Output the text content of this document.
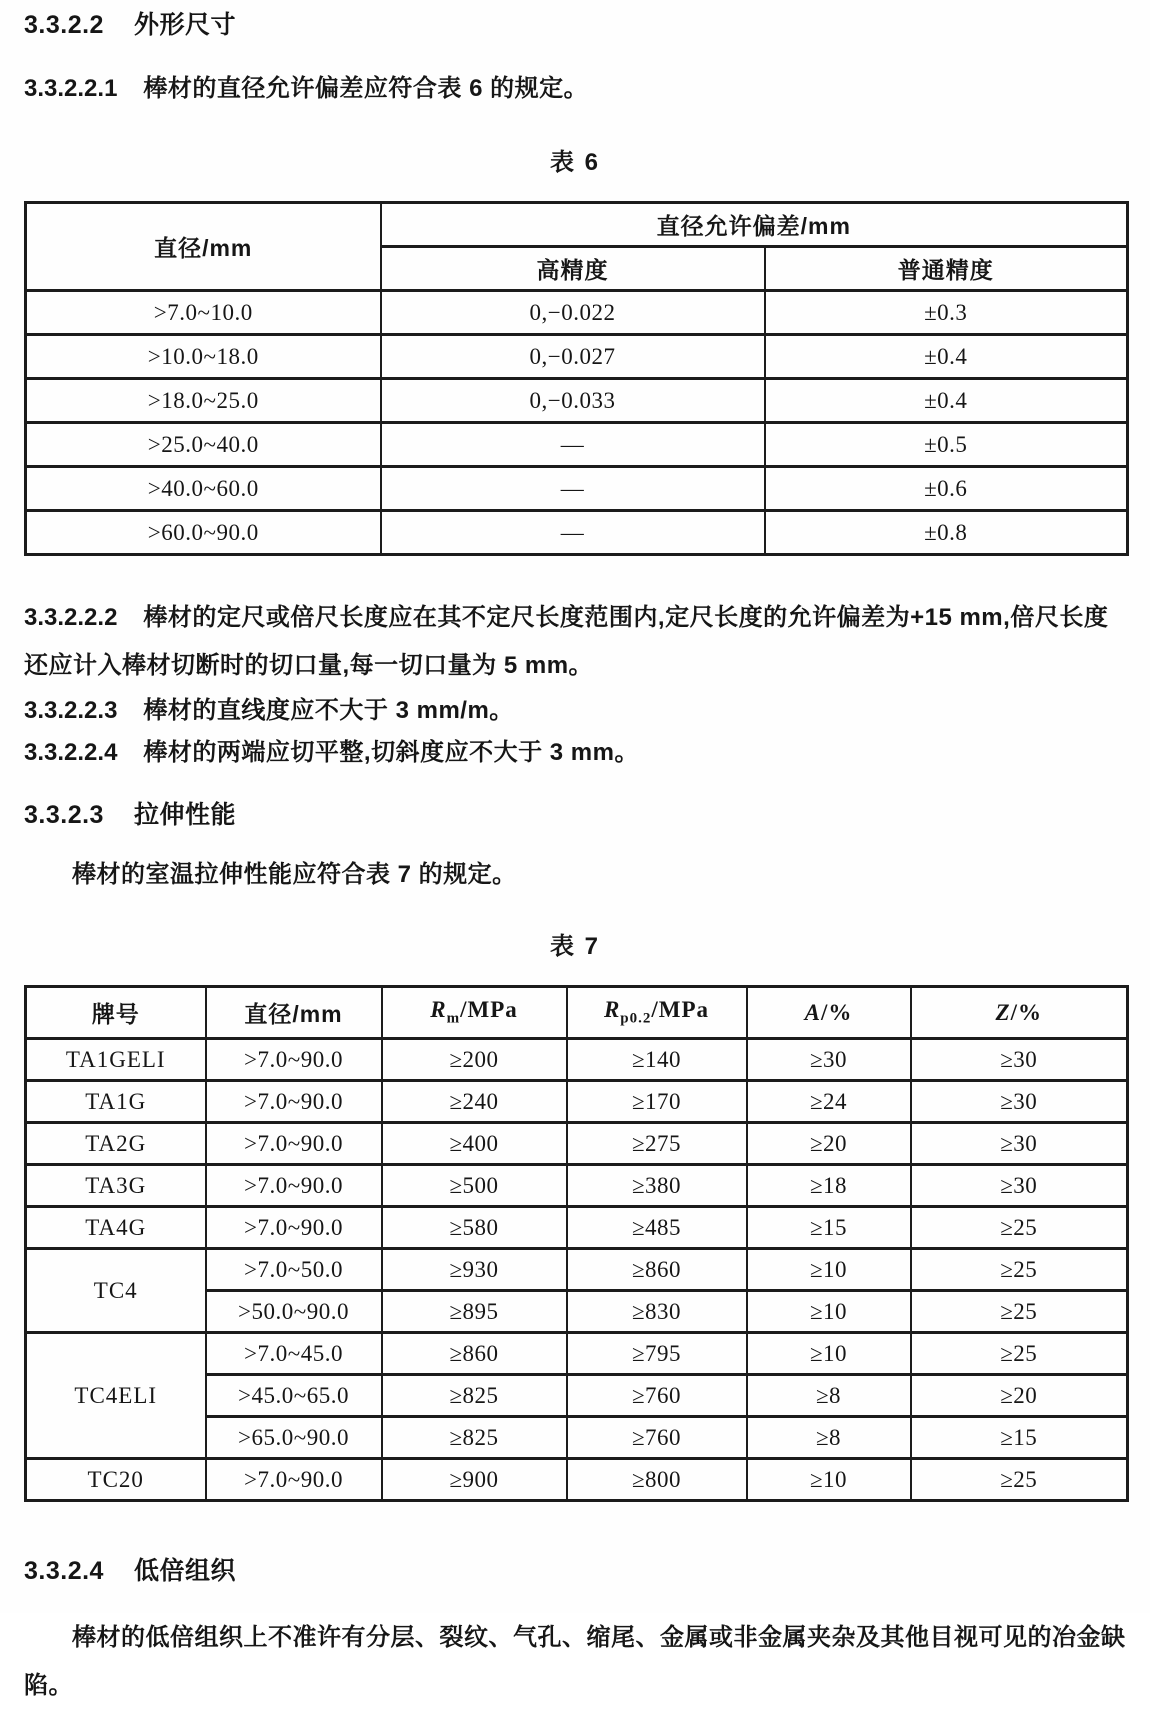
3.3.2.2 外形尺寸

3.3.2.2.1 棒材的直径允许偏差应符合表 6 的规定。

表 6
直径/mm	直径允许偏差/mm	
	高精度	普通精度
>7.0~10.0	0,−0.022	±0.3
>10.0~18.0	0,−0.027	±0.4
>18.0~25.0	0,−0.033	±0.4
>25.0~40.0	—	±0.5
>40.0~60.0	—	±0.6
>60.0~90.0	—	±0.8

3.3.2.2.2 棒材的定尺或倍尺长度应在其不定尺长度范围内,定尺长度的允许偏差为+15 mm,倍尺长度还应计入棒材切断时的切口量,每一切口量为 5 mm。

3.3.2.2.3 棒材的直线度应不大于 3 mm/m。

3.3.2.2.4 棒材的两端应切平整,切斜度应不大于 3 mm。

3.3.2.3 拉伸性能

棒材的室温拉伸性能应符合表 7 的规定。

表 7
牌号	直径/mm	$R_m$/MPa	$R_{p0.2}$/MPa	A/%	Z/%
TA1GELI	>7.0~90.0	≥200	≥140	≥30	≥30
TA1G	>7.0~90.0	≥240	≥170	≥24	≥30
TA2G	>7.0~90.0	≥400	≥275	≥20	≥30
TA3G	>7.0~90.0	≥500	≥380	≥18	≥30
TA4G	>7.0~90.0	≥580	≥485	≥15	≥25
TC4	>7.0~50.0	≥930	≥860	≥10	≥25
	>50.0~90.0	≥895	≥830	≥10	≥25
TC4ELI	>7.0~45.0	≥860	≥795	≥10	≥25
	>45.0~65.0	≥825	≥760	≥8	≥20
	>65.0~90.0	≥825	≥760	≥8	≥15
TC20	>7.0~90.0	≥900	≥800	≥10	≥25
3.3.2.4 低倍组织

棒材的低倍组织上不准许有分层、裂纹、气孔、缩尾、金属或非金属夹杂及其他目视可见的冶金缺陷。
